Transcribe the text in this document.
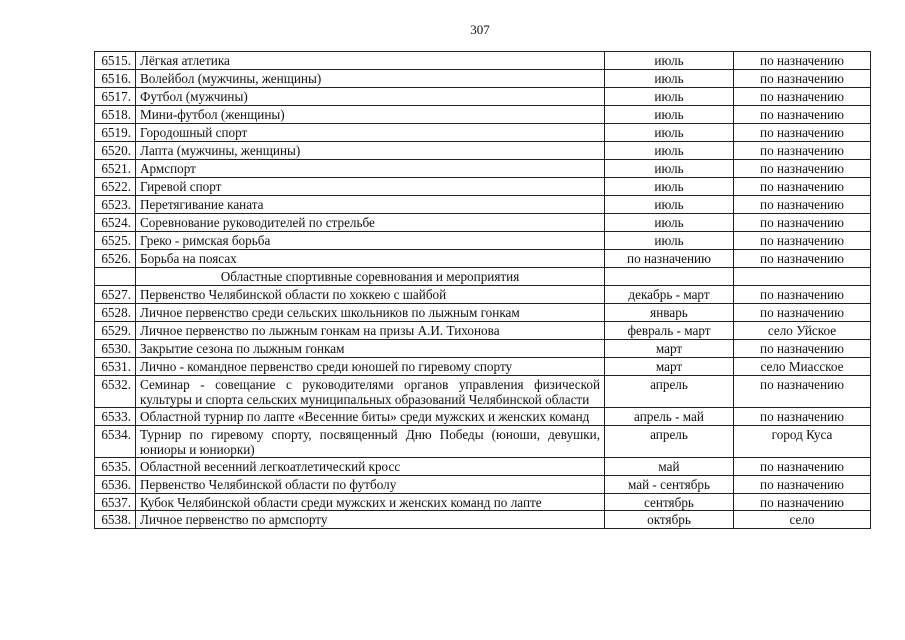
307
6515.	Лёгкая атлетика	июль	по назначению
6516.	Волейбол (мужчины, женщины)	июль	по назначению
6517.	Футбол (мужчины)	июль	по назначению
6518.	Мини-футбол (женщины)	июль	по назначению
6519.	Городошный спорт	июль	по назначению
6520.	Лапта (мужчины, женщины)	июль	по назначению
6521.	Армспорт	июль	по назначению
6522.	Гиревой спорт	июль	по назначению
6523.	Перетягивание каната	июль	по назначению
6524.	Соревнование руководителей по стрельбе	июль	по назначению
6525.	Греко - римская борьба	июль	по назначению
6526.	Борьба на поясах	по назначению	по назначению
	Областные спортивные соревнования и мероприятия		
6527.	Первенство Челябинской области по хоккею с шайбой	декабрь - март	по назначению
6528.	Личное первенство среди сельских школьников по лыжным гонкам	январь	по назначению
6529.	Личное первенство по лыжным гонкам на призы А.И. Тихонова	февраль - март	село Уйское
6530.	Закрытие сезона по лыжным гонкам	март	по назначению
6531.	Лично - командное первенство среди юношей по гиревому спорту	март	село Миасское
6532.	Семинар - совещание с руководителями органов управления физической культуры и спорта сельских муниципальных образований Челябинской области	апрель	по назначению
6533.	Областной турнир по лапте «Весенние биты» среди мужских и женских команд	апрель - май	по назначению
6534.	Турнир по гиревому спорту, посвященный Дню Победы (юноши, девушки, юниоры и юниорки)	апрель	город Куса
6535.	Областной весенний легкоатлетический кросс	май	по назначению
6536.	Первенство Челябинской области по футболу	май - сентябрь	по назначению
6537.	Кубок Челябинской области среди мужских и женских команд по лапте	сентябрь	по назначению
6538.	Личное первенство по армспорту	октябрь	село
